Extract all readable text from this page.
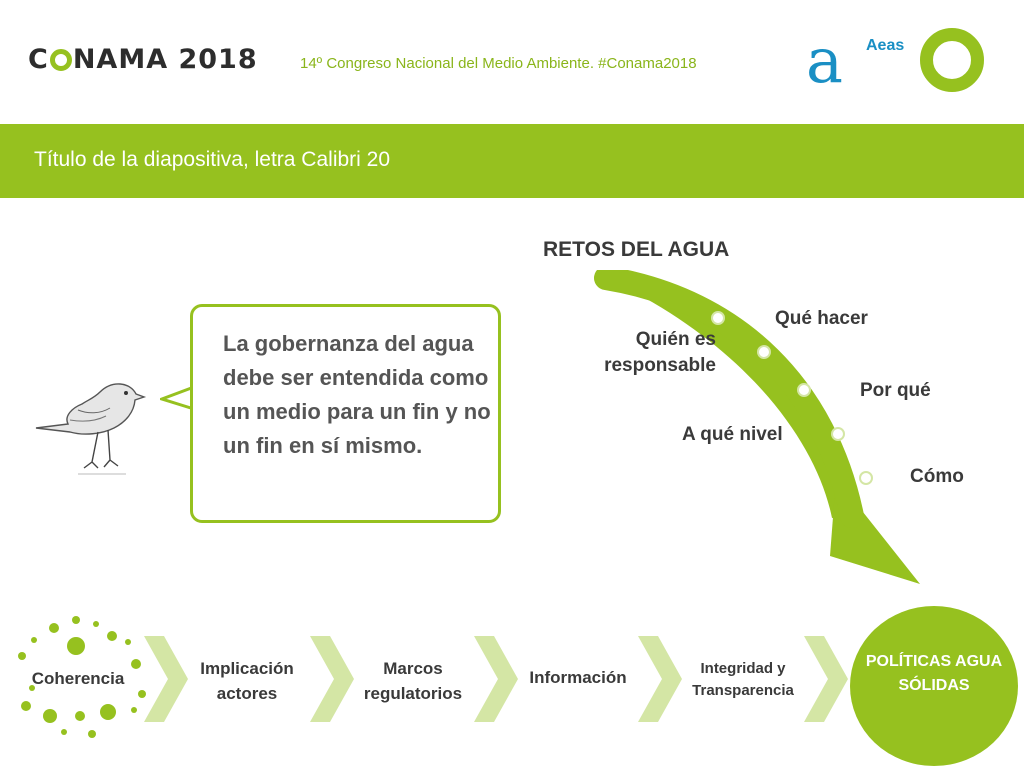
C NAMA 2018	14º Congreso Nacional del Medio Ambiente. #Conama2018 a Aeas
Título de la diapositiva, letra Calibri 20
La gobernanza del agua debe ser entendida como un medio para un fin y no un fin en sí mismo.
RETOS DEL AGUA
Quién es responsable
Qué hacer
Por qué
A qué nivel
Cómo
Coherencia
Implicación actores
Marcos regulatorios
Información	Integridad y Transparencia
POLÍTICAS AGUA SÓLIDAS
